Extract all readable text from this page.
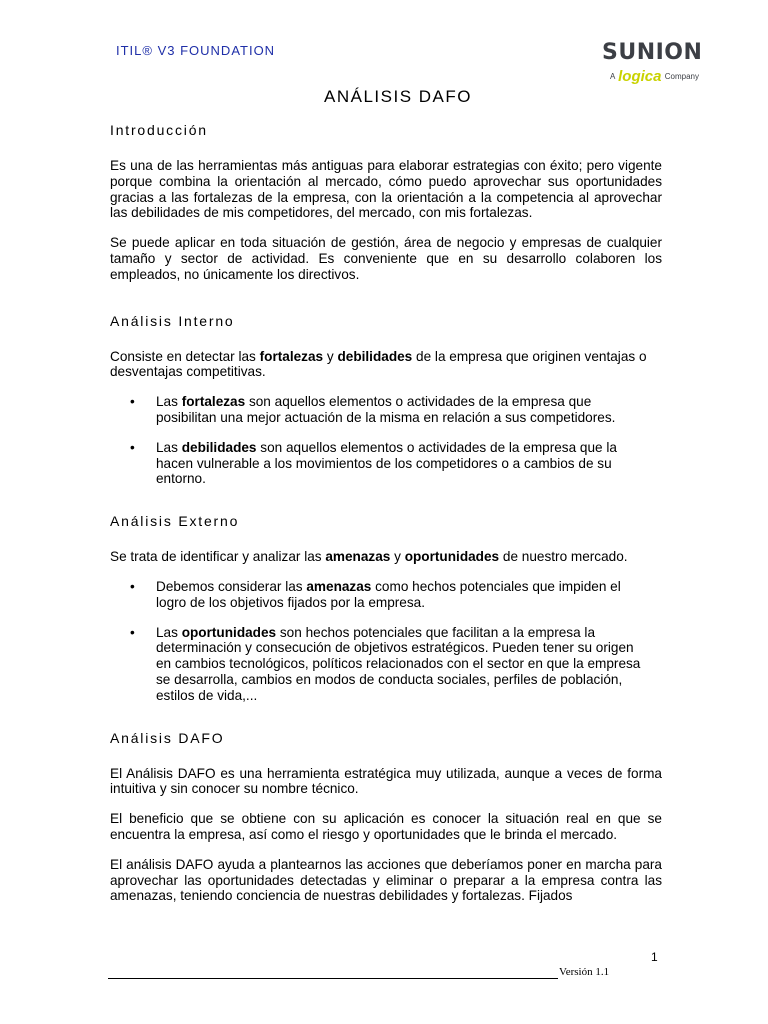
ITIL® V3 FOUNDATION	SUNION
A logica Company
ANÁLISIS DAFO
Introducción

Es una de las herramientas más antiguas para elaborar estrategias con éxito; pero vigente porque combina la orientación al mercado, cómo puedo aprovechar sus oportunidades gracias a las fortalezas de la empresa, con la orientación a la competencia al aprovechar las debilidades de mis competidores, del mercado, con mis fortalezas.

Se puede aplicar en toda situación de gestión, área de negocio y empresas de cualquier tamaño y sector de actividad. Es conveniente que en su desarrollo colaboren los empleados, no únicamente los directivos.

Análisis Interno

Consiste en detectar las fortalezas y debilidades de la empresa que originen ventajas o desventajas competitivas.

• Las fortalezas son aquellos elementos o actividades de la empresa que posibilitan una mejor actuación de la misma en relación a sus competidores.
• Las debilidades son aquellos elementos o actividades de la empresa que la hacen vulnerable a los movimientos de los competidores o a cambios de su entorno.
Análisis Externo

Se trata de identificar y analizar las amenazas y oportunidades de nuestro mercado.

• Debemos considerar las amenazas como hechos potenciales que impiden el logro de los objetivos fijados por la empresa.
• Las oportunidades son hechos potenciales que facilitan a la empresa la determinación y consecución de objetivos estratégicos. Pueden tener su origen en cambios tecnológicos, políticos relacionados con el sector en que la empresa se desarrolla, cambios en modos de conducta sociales, perfiles de población, estilos de vida,...
Análisis DAFO

El Análisis DAFO es una herramienta estratégica muy utilizada, aunque a veces de forma intuitiva y sin conocer su nombre técnico.

El beneficio que se obtiene con su aplicación es conocer la situación real en que se encuentra la empresa, así como el riesgo y oportunidades que le brinda el mercado.

El análisis DAFO ayuda a plantearnos las acciones que deberíamos poner en marcha para aprovechar las oportunidades detectadas y eliminar o preparar a la empresa contra las amenazas, teniendo conciencia de nuestras debilidades y fortalezas. Fijados

1
Versión 1.1
